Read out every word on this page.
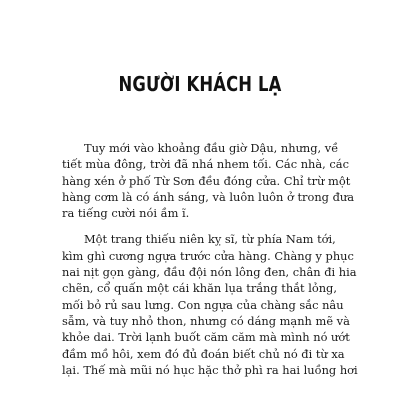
NGƯỜI KHÁCH LẠ

Tuy mới vào khoảng đầu giờ Dậu, nhưng, về
tiết mùa đông, trời đã nhá nhem tối. Các nhà, các
hàng xén ở phố Từ Sơn đều đóng cửa. Chỉ trừ một
hàng cơm là có ánh sáng, và luôn luôn ở trong đưa
ra tiếng cười nói ầm ĩ.

Một trang thiếu niên kỵ sĩ, từ phía Nam tới,
kìm ghì cương ngựa trước cửa hàng. Chàng y phục
nai nịt gọn gàng, đầu đội nón lông đen, chân đi hia
chẽn, cổ quấn một cái khăn lụa trắng thắt lỏng,
mối bỏ rủ sau lưng. Con ngựa của chàng sắc nâu
sẫm, và tuy nhỏ thon, nhưng có dáng mạnh mẽ và
khỏe dai. Trời lạnh buốt căm căm mà mình nó ướt
đầm mồ hôi, xem đó đủ đoán biết chủ nó đi từ xa
lại. Thế mà mũi nó hục hặc thở phì ra hai luồng hơi
